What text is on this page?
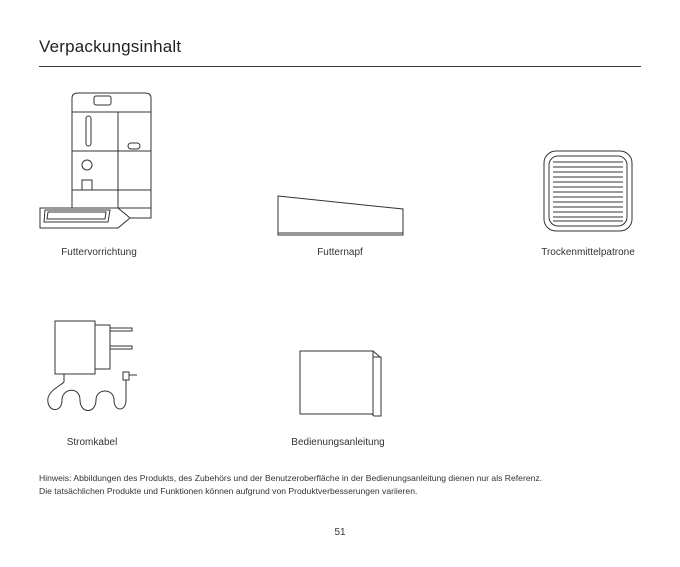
Verpackungsinhalt
Futtervorrichtung	Futternapf	Trockenmittelpatrone
Stromkabel	Bedienungsanleitung
Hinweis: Abbildungen des Produkts, des Zubehörs und der Benutzeroberfläche in der Bedienungsanleitung dienen nur als Referenz.
Die tatsächlichen Produkte und Funktionen können aufgrund von Produktverbesserungen variieren.
51
